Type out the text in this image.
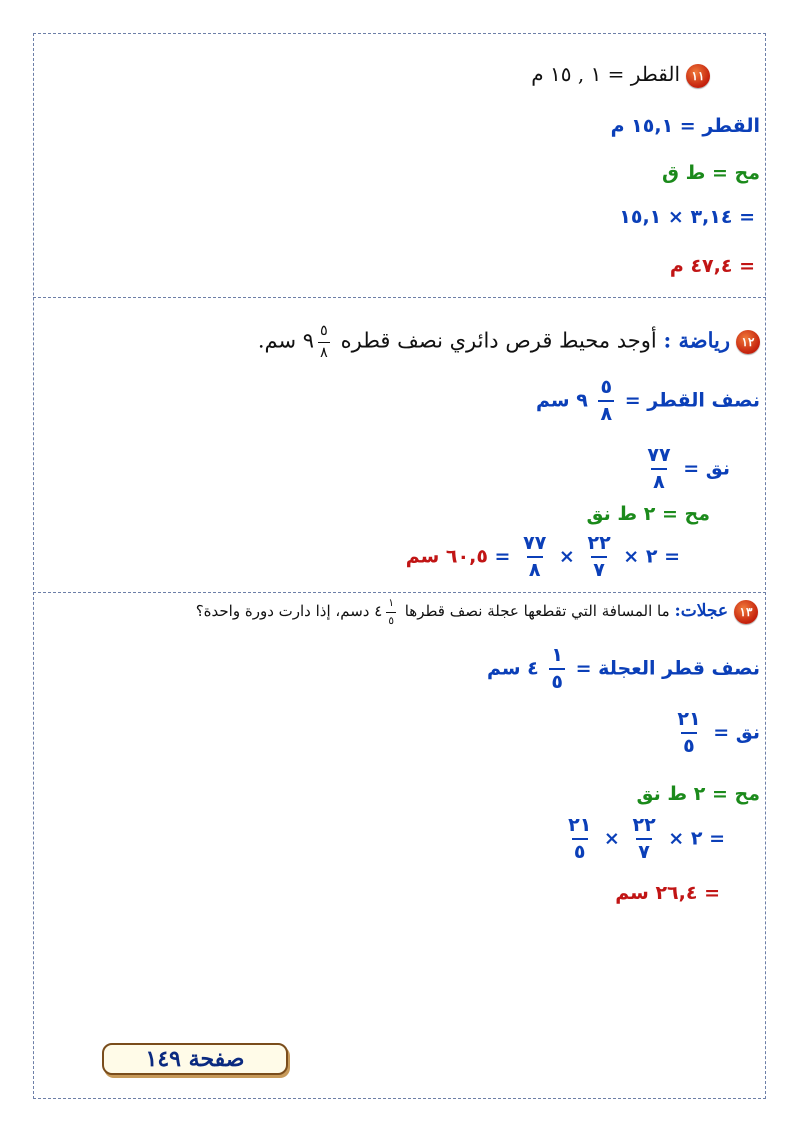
١١القطر = ١ , ١٥ م
القطر = ١٥,١ م
مح = ط ق
= ٣,١٤ × ١٥,١
= ٤٧,٤ م
١٢رياضة : أوجد محيط قرص دائري نصف قطره
$\frac{٥}{٨}$
٩ سم.
نصف القطر =
$\frac{٥}{٨}$
٩ سم
نق =
$\frac{٧٧}{٨}$
مح = ٢ ط نق
= ٢ ×
$\frac{٢٢}{٧}$
×
$\frac{٧٧}{٨}$
= ٦٠,٥ سم
١٣عجلات: ما المسافة التي تقطعها عجلة نصف قطرها
$\frac{١}{٥}$
٤ دسم، إذا دارت دورة واحدة؟
نصف قطر العجلة =
$\frac{١}{٥}$
٤ سم
نق =
$\frac{٢١}{٥}$
مح = ٢ ط نق
= ٢ ×
$\frac{٢٢}{٧}$
×
$\frac{٢١}{٥}$
= ٢٦,٤ سم
صفحة ١٤٩
